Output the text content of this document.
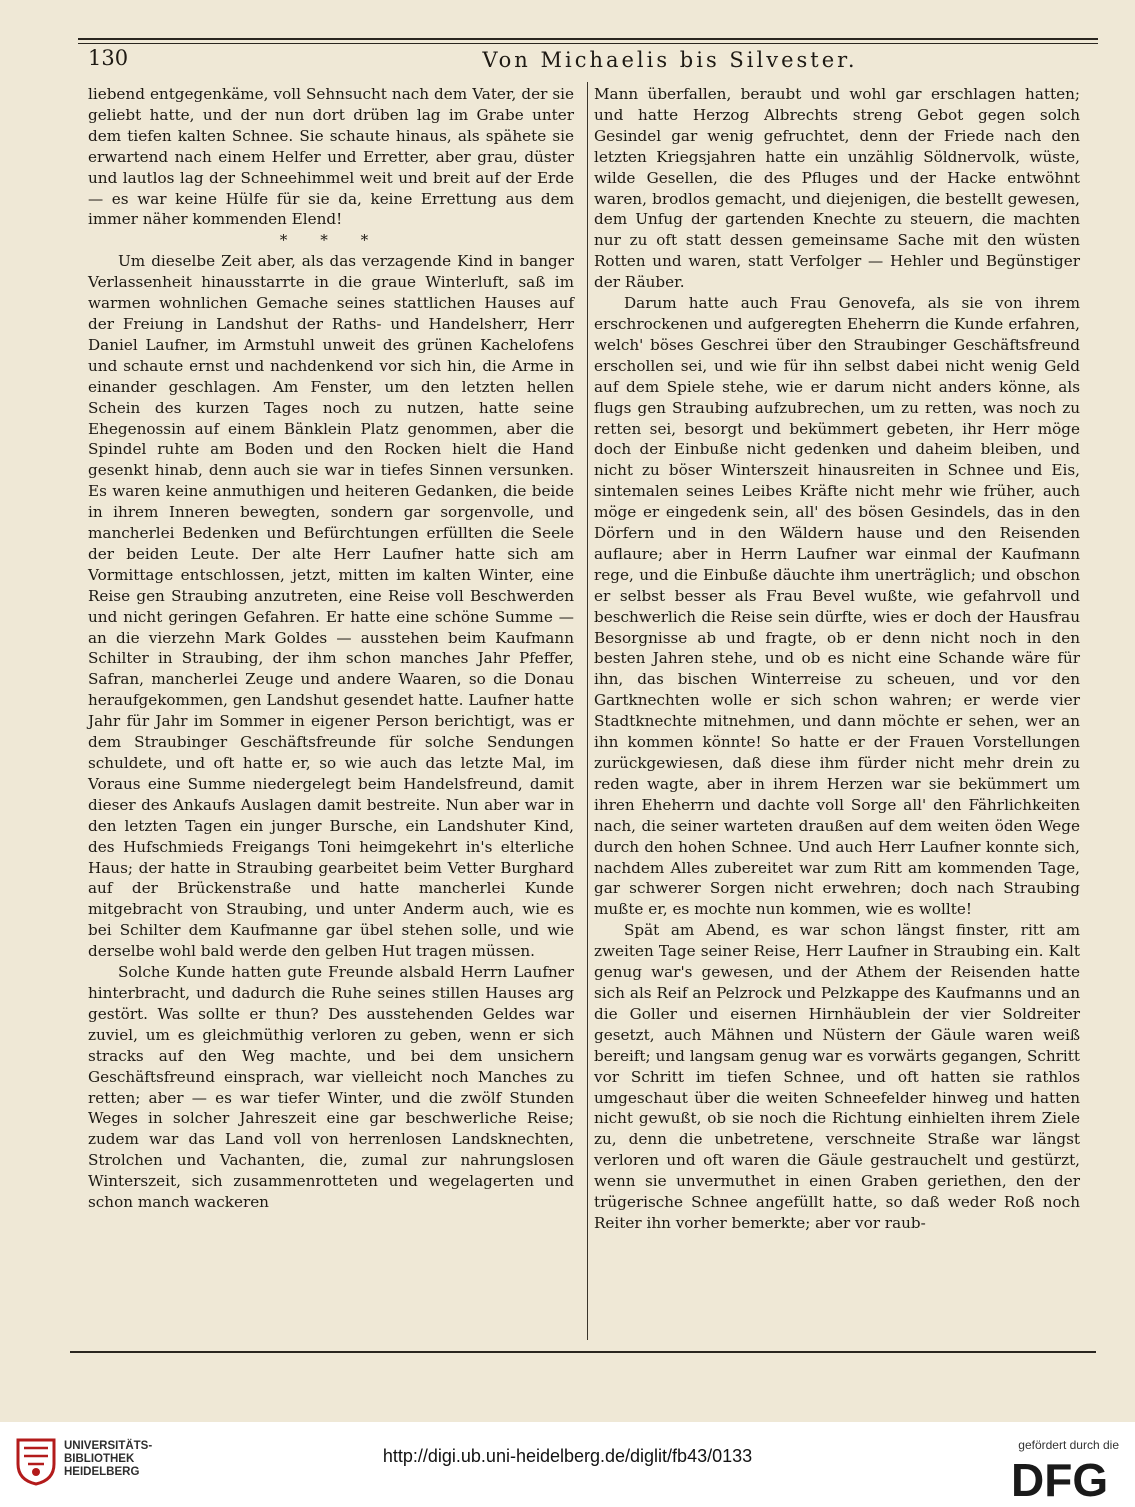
130	Von Michaelis bis Silvester.

liebend entgegenkäme, voll Sehnsucht nach dem Vater, der sie geliebt hatte, und der nun dort drüben lag im Grabe unter dem tiefen kalten Schnee. Sie schaute hinaus, als spähete sie erwartend nach einem Helfer und Erretter, aber grau, düster und lautlos lag der Schneehimmel weit und breit auf der Erde — es war keine Hülfe für sie da, keine Errettung aus dem immer näher kommenden Elend!

* * *

Um dieselbe Zeit aber, als das verzagende Kind in banger Verlassenheit hinausstarrte in die graue Winterluft, saß im warmen wohnlichen Gemache seines stattlichen Hauses auf der Freiung in Landshut der Raths- und Handelsherr, Herr Daniel Laufner, im Armstuhl unweit des grünen Kachelofens und schaute ernst und nachdenkend vor sich hin, die Arme in einander geschlagen. Am Fenster, um den letzten hellen Schein des kurzen Tages noch zu nutzen, hatte seine Ehegenossin auf einem Bänklein Platz genommen, aber die Spindel ruhte am Boden und den Rocken hielt die Hand gesenkt hinab, denn auch sie war in tiefes Sinnen versunken. Es waren keine anmuthigen und heiteren Gedanken, die beide in ihrem Inneren bewegten, sondern gar sorgenvolle, und mancherlei Bedenken und Befürchtungen erfüllten die Seele der beiden Leute. Der alte Herr Laufner hatte sich am Vormittage entschlossen, jetzt, mitten im kalten Winter, eine Reise gen Straubing anzutreten, eine Reise voll Beschwerden und nicht geringen Gefahren. Er hatte eine schöne Summe — an die vierzehn Mark Goldes — ausstehen beim Kaufmann Schilter in Straubing, der ihm schon manches Jahr Pfeffer, Safran, mancherlei Zeuge und andere Waaren, so die Donau heraufgekommen, gen Landshut gesendet hatte. Laufner hatte Jahr für Jahr im Sommer in eigener Person berichtigt, was er dem Straubinger Geschäftsfreunde für solche Sendungen schuldete, und oft hatte er, so wie auch das letzte Mal, im Voraus eine Summe niedergelegt beim Handelsfreund, damit dieser des Ankaufs Auslagen damit bestreite. Nun aber war in den letzten Tagen ein junger Bursche, ein Landshuter Kind, des Hufschmieds Freigangs Toni heimgekehrt in's elterliche Haus; der hatte in Straubing gearbeitet beim Vetter Burghard auf der Brückenstraße und hatte mancherlei Kunde mitgebracht von Straubing, und unter Anderm auch, wie es bei Schilter dem Kaufmanne gar übel stehen solle, und wie derselbe wohl bald werde den gelben Hut tragen müssen.

Solche Kunde hatten gute Freunde alsbald Herrn Laufner hinterbracht, und dadurch die Ruhe seines stillen Hauses arg gestört. Was sollte er thun? Des ausstehenden Geldes war zuviel, um es gleichmüthig verloren zu geben, wenn er sich stracks auf den Weg machte, und bei dem unsichern Geschäftsfreund einsprach, war vielleicht noch Manches zu retten; aber — es war tiefer Winter, und die zwölf Stunden Weges in solcher Jahreszeit eine gar beschwerliche Reise; zudem war das Land voll von herrenlosen Landsknechten, Strolchen und Vachanten, die, zumal zur nahrungslosen Winterszeit, sich zusammenrotteten und wegelagerten und schon manch wackeren

Mann überfallen, beraubt und wohl gar erschlagen hatten; und hatte Herzog Albrechts streng Gebot gegen solch Gesindel gar wenig gefruchtet, denn der Friede nach den letzten Kriegsjahren hatte ein unzählig Söldnervolk, wüste, wilde Gesellen, die des Pfluges und der Hacke entwöhnt waren, brodlos gemacht, und diejenigen, die bestellt gewesen, dem Unfug der gartenden Knechte zu steuern, die machten nur zu oft statt dessen gemeinsame Sache mit den wüsten Rotten und waren, statt Verfolger — Hehler und Begünstiger der Räuber.

Darum hatte auch Frau Genovefa, als sie von ihrem erschrockenen und aufgeregten Eheherrn die Kunde erfahren, welch' böses Geschrei über den Straubinger Geschäftsfreund erschollen sei, und wie für ihn selbst dabei nicht wenig Geld auf dem Spiele stehe, wie er darum nicht anders könne, als flugs gen Straubing aufzubrechen, um zu retten, was noch zu retten sei, besorgt und bekümmert gebeten, ihr Herr möge doch der Einbuße nicht gedenken und daheim bleiben, und nicht zu böser Winterszeit hinausreiten in Schnee und Eis, sintemalen seines Leibes Kräfte nicht mehr wie früher, auch möge er eingedenk sein, all' des bösen Gesindels, das in den Dörfern und in den Wäldern hause und den Reisenden auflaure; aber in Herrn Laufner war einmal der Kaufmann rege, und die Einbuße däuchte ihm unerträglich; und obschon er selbst besser als Frau Bevel wußte, wie gefahrvoll und beschwerlich die Reise sein dürfte, wies er doch der Hausfrau Besorgnisse ab und fragte, ob er denn nicht noch in den besten Jahren stehe, und ob es nicht eine Schande wäre für ihn, das bischen Winterreise zu scheuen, und vor den Gartknechten wolle er sich schon wahren; er werde vier Stadtknechte mitnehmen, und dann möchte er sehen, wer an ihn kommen könnte! So hatte er der Frauen Vorstellungen zurückgewiesen, daß diese ihm fürder nicht mehr drein zu reden wagte, aber in ihrem Herzen war sie bekümmert um ihren Eheherrn und dachte voll Sorge all' den Fährlichkeiten nach, die seiner warteten draußen auf dem weiten öden Wege durch den hohen Schnee. Und auch Herr Laufner konnte sich, nachdem Alles zubereitet war zum Ritt am kommenden Tage, gar schwerer Sorgen nicht erwehren; doch nach Straubing mußte er, es mochte nun kommen, wie es wollte!

Spät am Abend, es war schon längst finster, ritt am zweiten Tage seiner Reise, Herr Laufner in Straubing ein. Kalt genug war's gewesen, und der Athem der Reisenden hatte sich als Reif an Pelzrock und Pelzkappe des Kaufmanns und an die Goller und eisernen Hirnhäublein der vier Soldreiter gesetzt, auch Mähnen und Nüstern der Gäule waren weiß bereift; und langsam genug war es vorwärts gegangen, Schritt vor Schritt im tiefen Schnee, und oft hatten sie rathlos umgeschaut über die weiten Schneefelder hinweg und hatten nicht gewußt, ob sie noch die Richtung einhielten ihrem Ziele zu, denn die unbetretene, verschneite Straße war längst verloren und oft waren die Gäule gestrauchelt und gestürzt, wenn sie unvermuthet in einen Graben geriethen, den der trügerische Schnee angefüllt hatte, so daß weder Roß noch Reiter ihn vorher bemerkte; aber vor raub-

UNIVERSITÄTS-
BIBLIOTHEK
HEIDELBERG
http://digi.ub.uni-heidelberg.de/diglit/fb43/0133
gefördert durch die
DFG
